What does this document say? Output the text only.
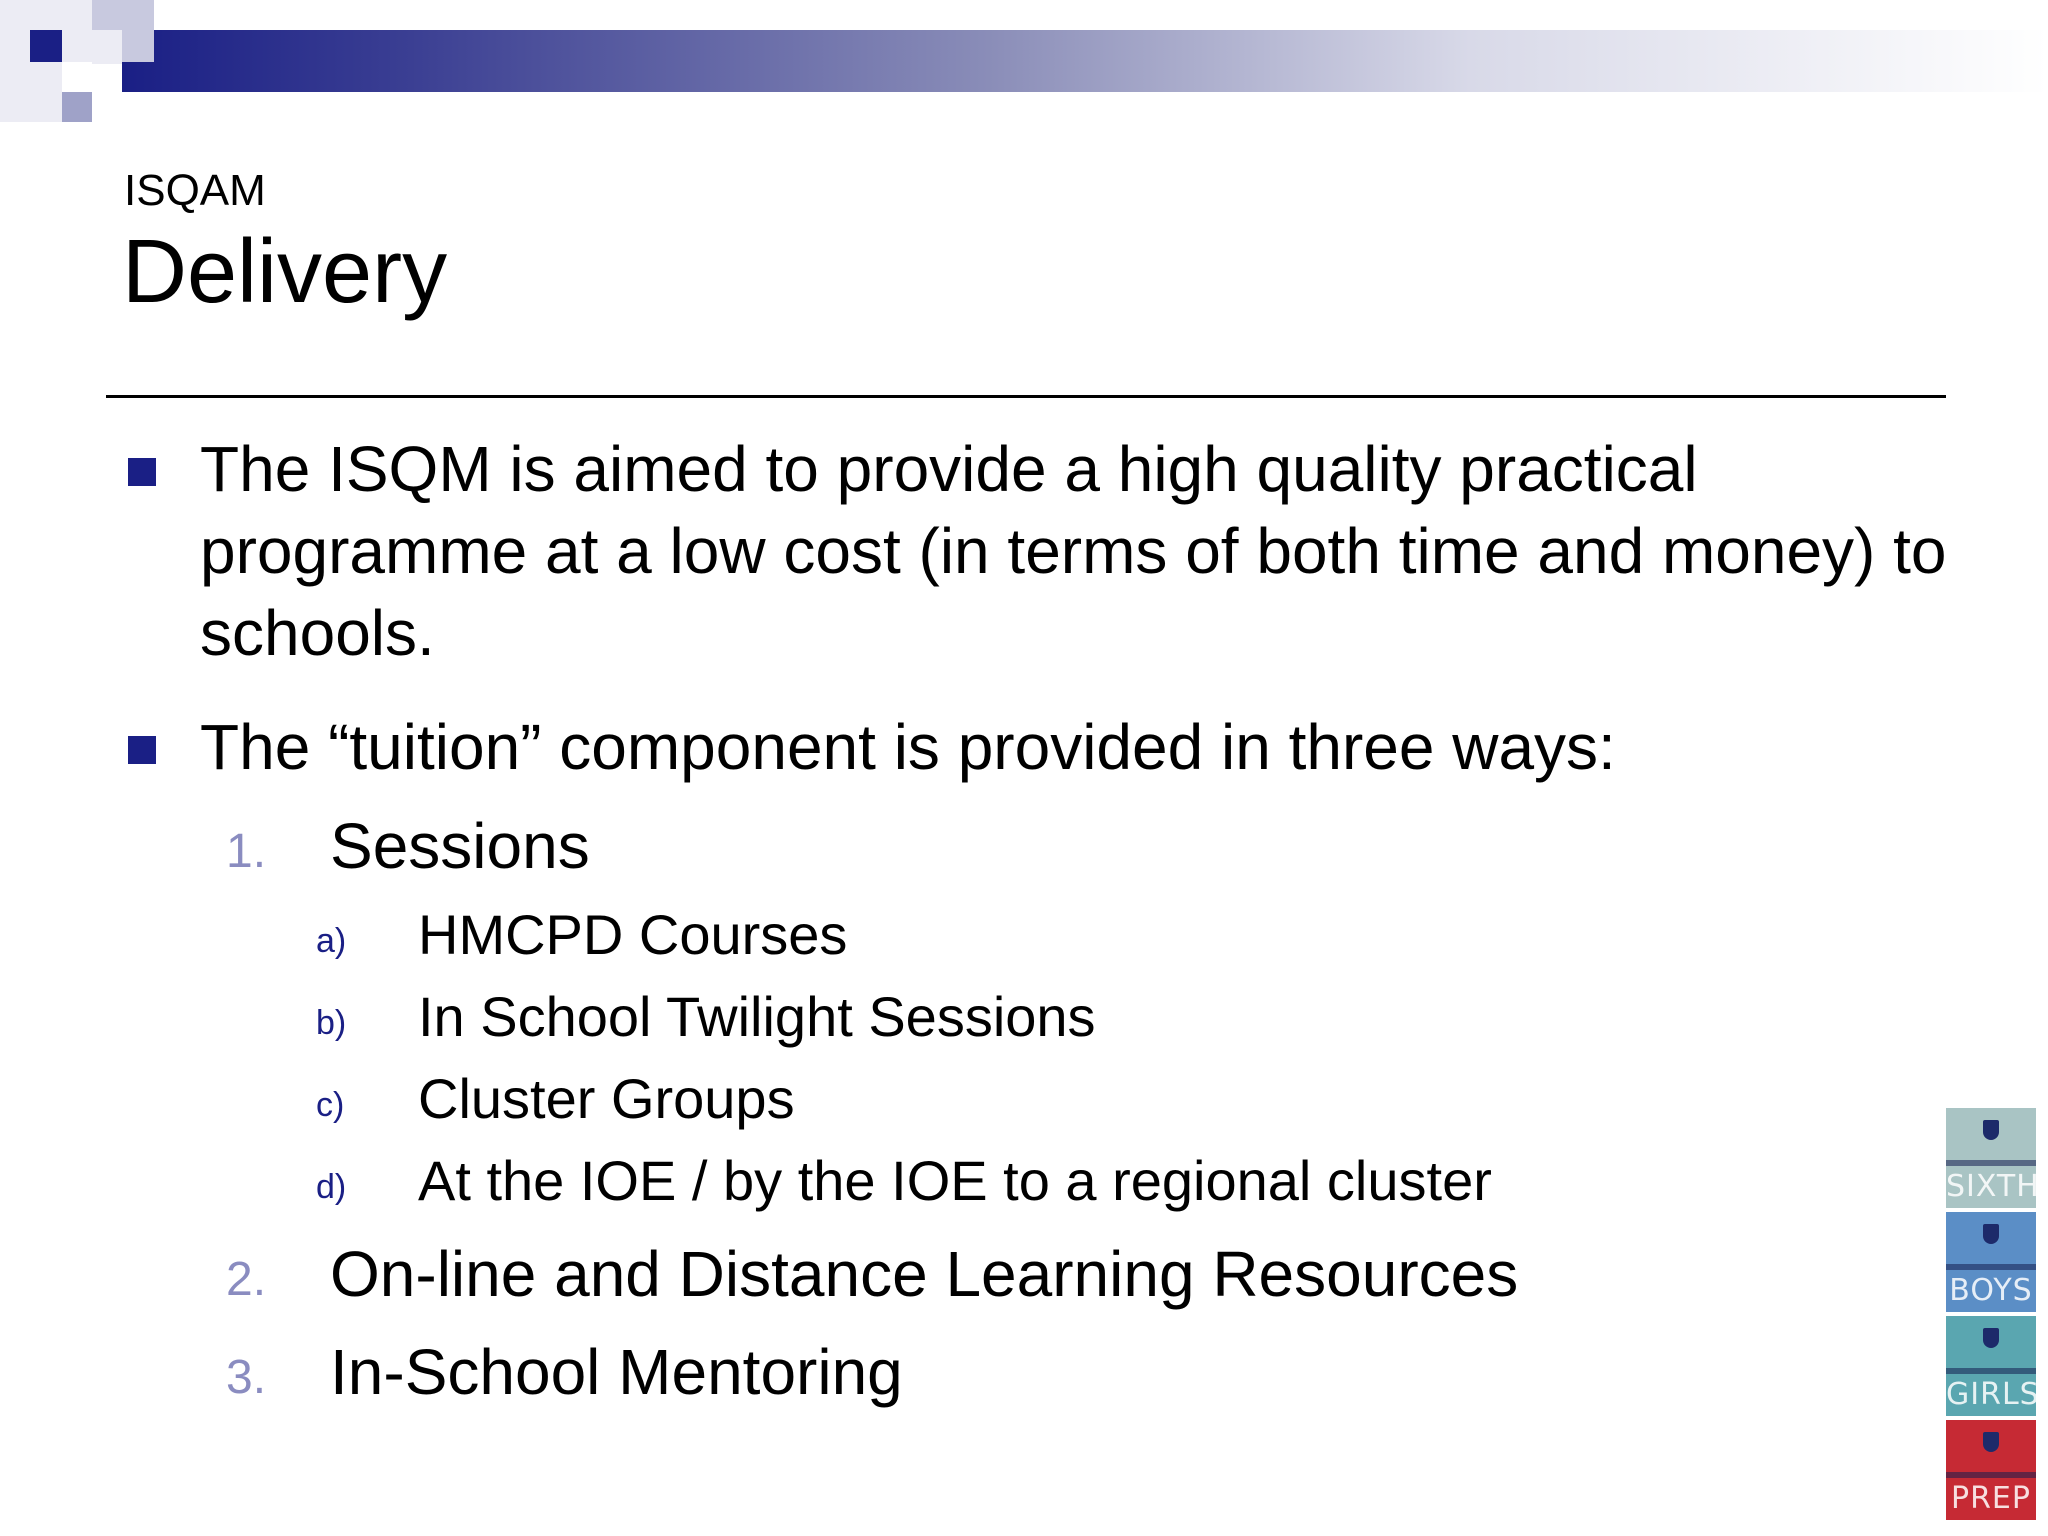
ISQAM
Delivery
The ISQM is aimed to provide a high quality practical programme at a low cost (in terms of both time and money) to schools.
The “tuition” component is provided in three ways:
1. Sessions
a) HMCPD Courses
b) In School Twilight Sessions
c) Cluster Groups
d) At the IOE / by the IOE to a regional cluster
2. On-line and Distance Learning Resources
3. In-School Mentoring
SIXTH
BOYS
GIRLS
PREP
